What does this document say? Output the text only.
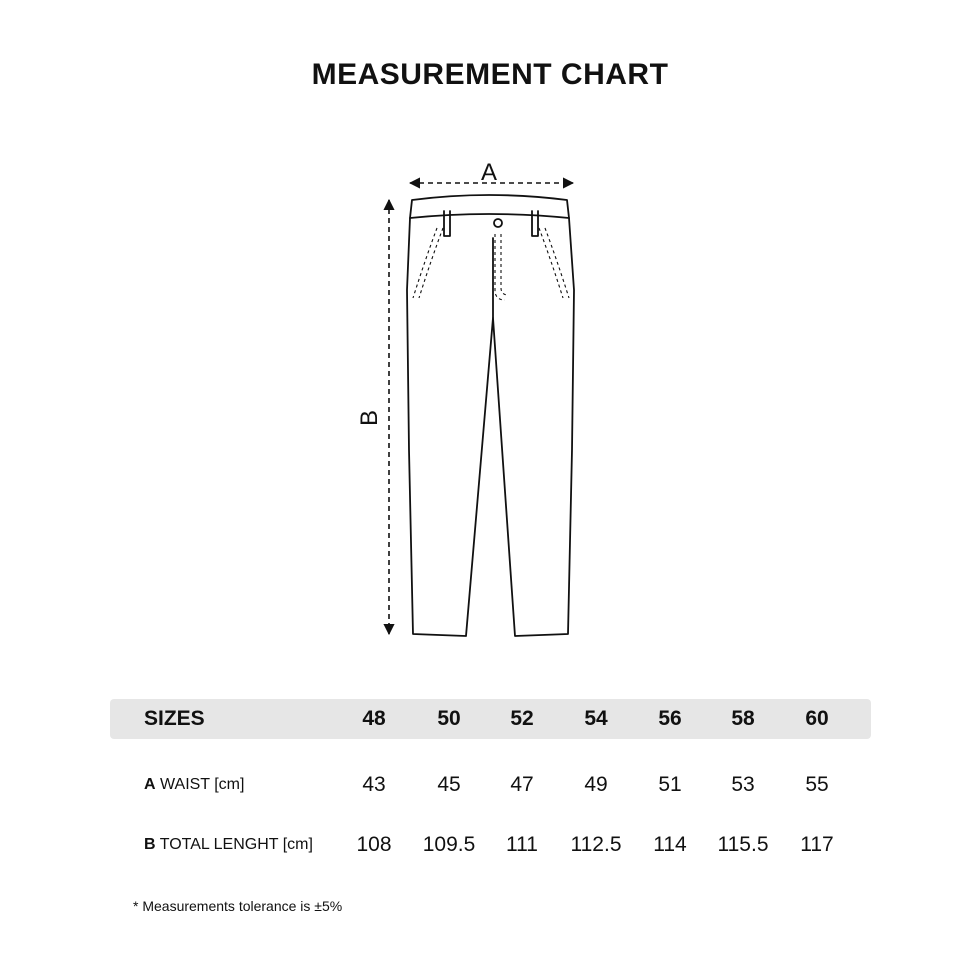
MEASUREMENT CHART
A
B
SIZES	48	50	52	54	56	58	60
A WAIST [cm]	43	45	47	49	51	53	55
B TOTAL LENGHT [cm]	108	109.5	111	112.5	114	115.5	117

* Measurements tolerance is ±5%
